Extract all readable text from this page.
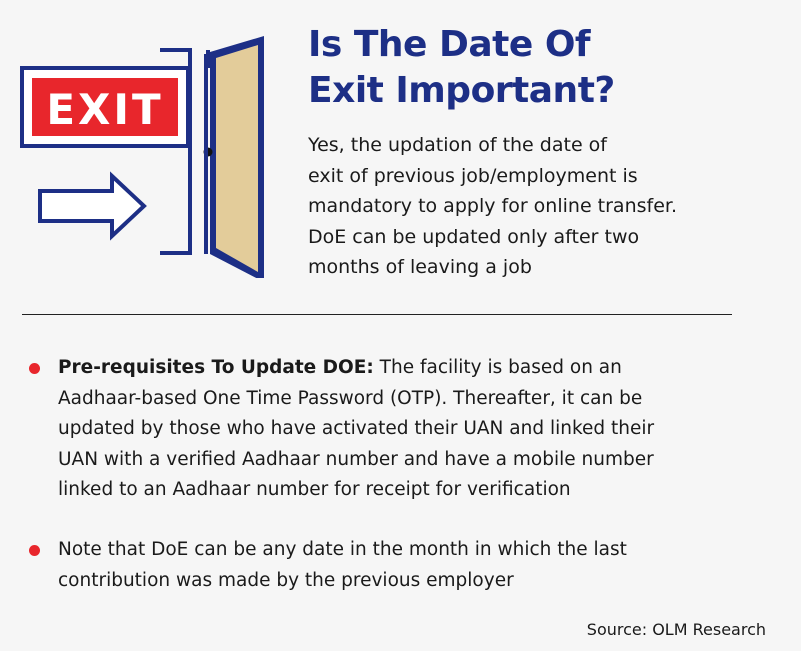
EXIT
Is The Date Of
Exit Important?

Yes, the updation of the date of
exit of previous job/employment is
mandatory to apply for online transfer.
DoE can be updated only after two
months of leaving a job

Pre-requisites To Update DOE: The facility is based on an
Aadhaar-based One Time Password (OTP). Thereafter, it can be
updated by those who have activated their UAN and linked their
UAN with a verified Aadhaar number and have a mobile number
linked to an Aadhaar number for receipt for verification
Note that DoE can be any date in the month in which the last
contribution was made by the previous employer
Source: OLM Research
